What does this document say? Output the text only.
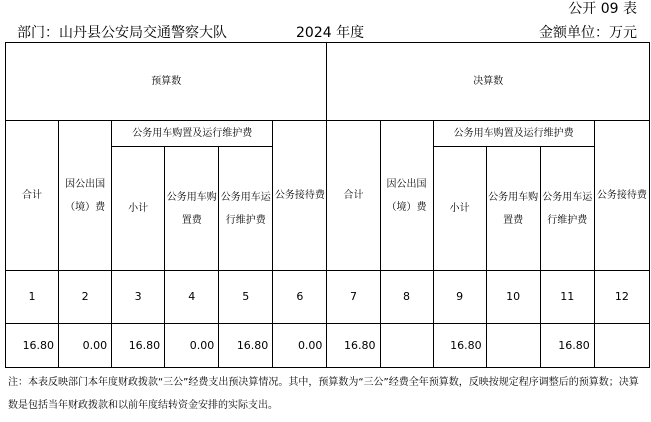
公开 09 表
部门：山丹县公安局交通警察大队	2024 年度	金额单位：万元
预算数						决算数					
合计	因公出国（境）费	公务用车购置及运行维护费			公务接待费	合计	因公出国（境）费	公务用车购置及运行维护费			公务接待费
		小计	公务用车购置费	公务用车运行维护费				小计	公务用车购置费	公务用车运行维护费	
1	2	3	4	5	6	7	8	9	10	11	12
16.80	0.00	16.80	0.00	16.80	0.00	16.80		16.80		16.80	
注：本表反映部门本年度财政拨款“三公”经费支出预决算情况。其中，预算数为“三公”经费全年预算数，反映按规定程序调整后的预算数；决算数是包括当年财政拨款和以前年度结转资金安排的实际支出。
